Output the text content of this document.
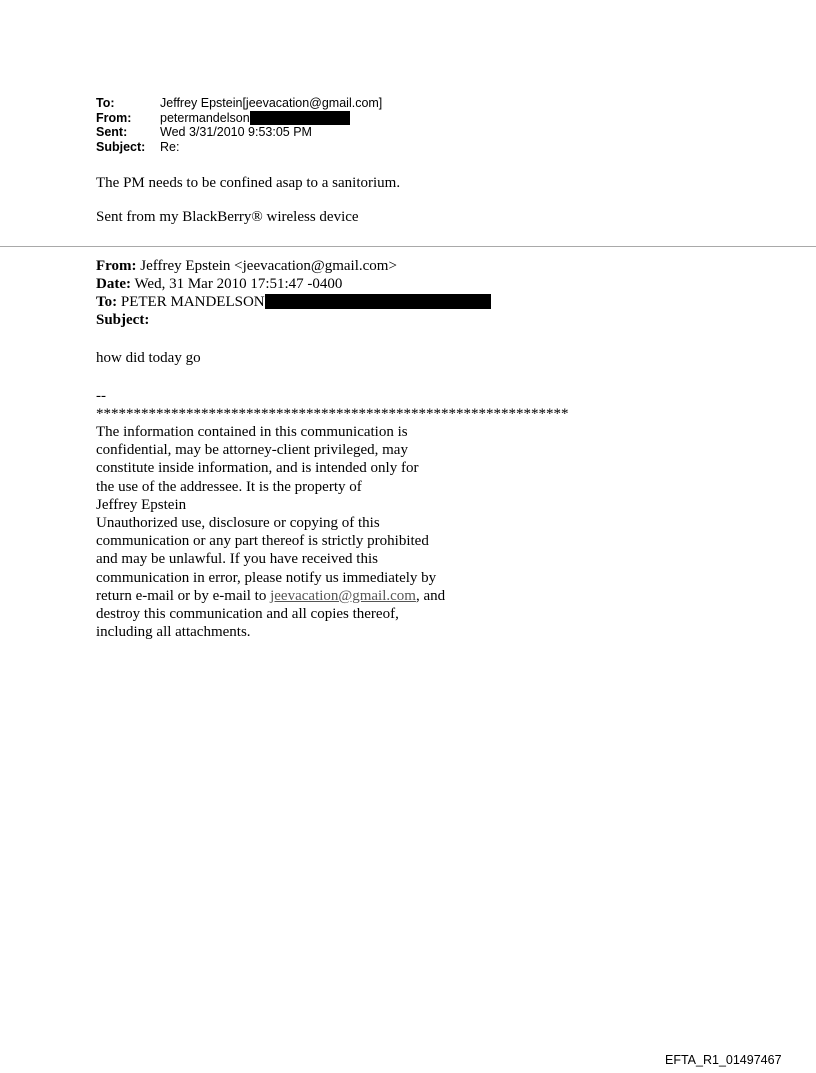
To:	Jeffrey Epstein[jeevacation@gmail.com]
From:	petermandelson
Sent:	Wed 3/31/2010 9:53:05 PM
Subject:	Re:
The PM needs to be confined asap to a sanitorium.
Sent from my BlackBerry® wireless device
From: Jeffrey Epstein <jeevacation@gmail.com>
Date: Wed, 31 Mar 2010 17:51:47 -0400
To: PETER MANDELSON
Subject:
how did today go
--
***************************************************************
The information contained in this communication is
confidential, may be attorney-client privileged, may
constitute inside information, and is intended only for
the use of the addressee. It is the property of
Jeffrey Epstein
Unauthorized use, disclosure or copying of this
communication or any part thereof is strictly prohibited
and may be unlawful. If you have received this
communication in error, please notify us immediately by
return e-mail or by e-mail to jeevacation@gmail.com, and
destroy this communication and all copies thereof,
including all attachments.
EFTA_R1_01497467
